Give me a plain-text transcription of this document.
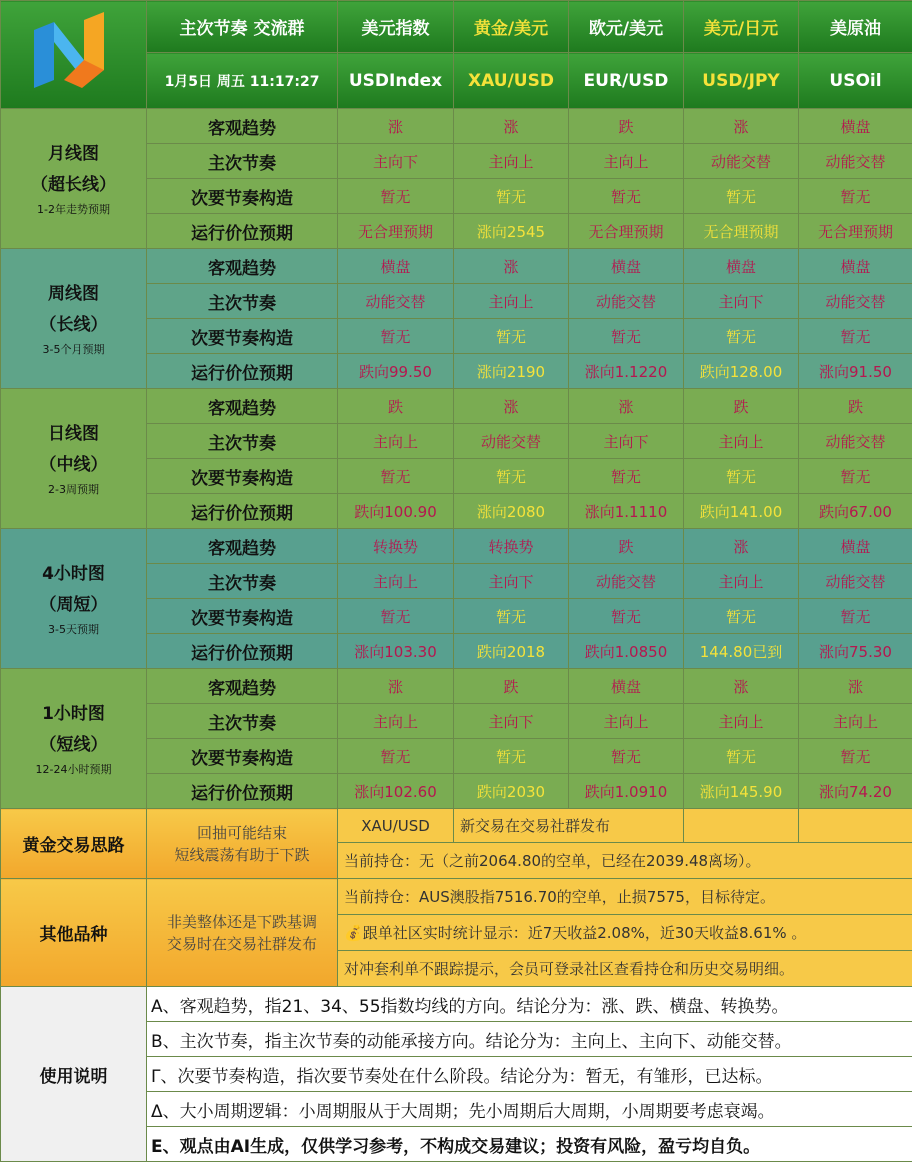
	主次节奏 交流群	美元指数	黄金/美元	欧元/美元	美元/日元	美原油
	1月5日 周五 11:17:27	USDIndex	XAU/USD	EUR/USD	USD/JPY	USOil

月线图
（超长线）
1-2年走势预期	客观趋势	涨	涨	跌	涨	横盘
	主次节奏	主向下	主向上	主向上	动能交替	动能交替
	次要节奏构造	暂无	暂无	暂无	暂无	暂无
	运行价位预期	无合理预期	涨向2545	无合理预期	无合理预期	无合理预期

周线图
（长线）
3-5个月预期	客观趋势	横盘	涨	横盘	横盘	横盘
	主次节奏	动能交替	主向上	动能交替	主向下	动能交替
	次要节奏构造	暂无	暂无	暂无	暂无	暂无
	运行价位预期	跌向99.50	涨向2190	涨向1.1220	跌向128.00	涨向91.50

日线图
（中线）
2-3周预期	客观趋势	跌	涨	涨	跌	跌
	主次节奏	主向上	动能交替	主向下	主向上	动能交替
	次要节奏构造	暂无	暂无	暂无	暂无	暂无
	运行价位预期	跌向100.90	涨向2080	涨向1.1110	跌向141.00	跌向67.00

4小时图
（周短）
3-5天预期	客观趋势	转换势	转换势	跌	涨	横盘
	主次节奏	主向上	主向下	动能交替	主向上	动能交替
	次要节奏构造	暂无	暂无	暂无	暂无	暂无
	运行价位预期	涨向103.30	跌向2018	跌向1.0850	144.80已到	涨向75.30

1小时图
（短线）
12-24小时预期	客观趋势	涨	跌	横盘	涨	涨
	主次节奏	主向上	主向下	主向上	主向上	主向上
	次要节奏构造	暂无	暂无	暂无	暂无	暂无
	运行价位预期	涨向102.60	跌向2030	跌向1.0910	涨向145.90	涨向74.20
黄金交易思路	回抽可能结束
短线震荡有助于下跌	XAU/USD	新交易在交易社群发布			
		当前持仓：无（之前2064.80的空单，已经在2039.48离场）。				
其他品种	非美整体还是下跌基调
交易时在交易社群发布	当前持仓：AUS澳股指7516.70的空单，止损7575，目标待定。				
		💰跟单社区实时统计显示：近7天收益2.08%，近30天收益8.61% 。				
		对冲套利单不跟踪提示，会员可登录社区查看持仓和历史交易明细。				
使用说明	A、客观趋势，指21、34、55指数均线的方向。结论分为：涨、跌、横盘、转换势。					
	B、主次节奏，指主次节奏的动能承接方向。结论分为：主向上、主向下、动能交替。					
	Γ、次要节奏构造，指次要节奏处在什么阶段。结论分为：暂无，有雏形，已达标。					
	Δ、大小周期逻辑：小周期服从于大周期；先小周期后大周期，小周期要考虑衰竭。					
	E、观点由AI生成，仅供学习参考，不构成交易建议；投资有风险，盈亏均自负。					
